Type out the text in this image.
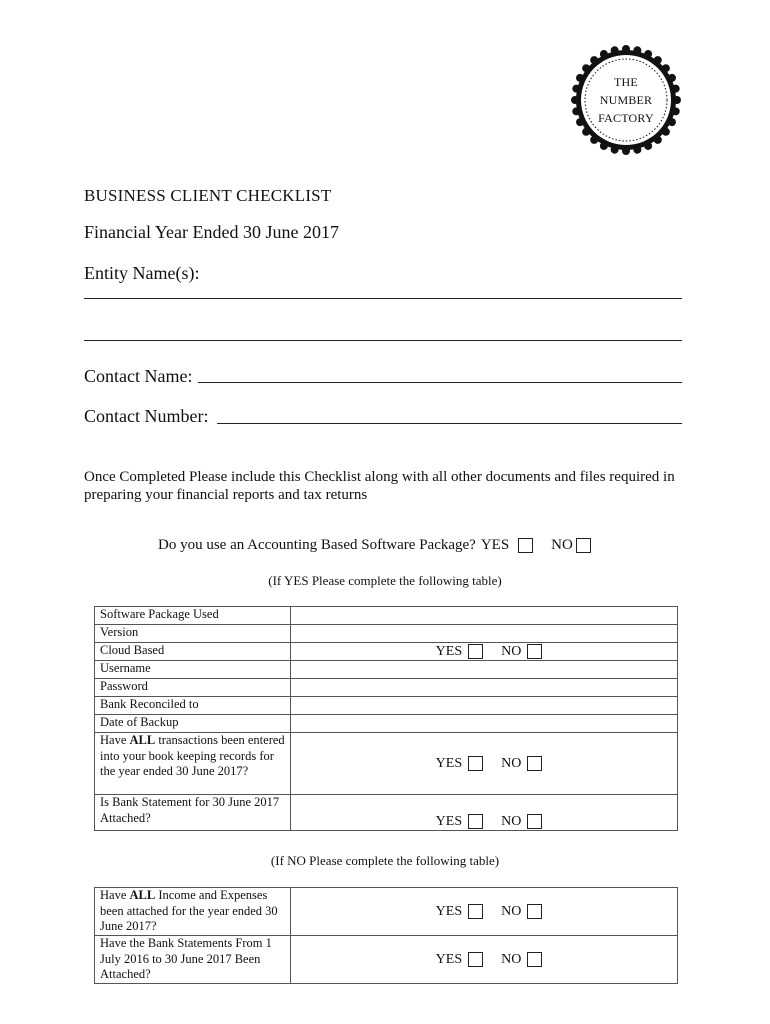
THE
NUMBER
FACTORY
BUSINESS CLIENT CHECKLIST
Financial Year Ended 30 June 2017
Entity Name(s):
Contact Name:
Contact Number:
Once Completed Please include this Checklist along with all other documents and files required in preparing your financial reports and tax returns
Do you use an Accounting Based Software Package? YES	NO
(If YES Please complete the following table)
Software Package Used	
Version	
Cloud Based	YES NO

Username	
Password	
Bank Reconciled to	
Date of Backup	
Have ALL transactions been entered into your book keeping records for the year ended 30 June 2017?	YES NO

Is Bank Statement for 30 June 2017 Attached?	YES NO
(If NO Please complete the following table)
Have ALL Income and Expenses been attached for the year ended 30 June 2017?	YES NO

Have the Bank Statements From 1 July 2016 to 30 June 2017 Been Attached?	YES NO
